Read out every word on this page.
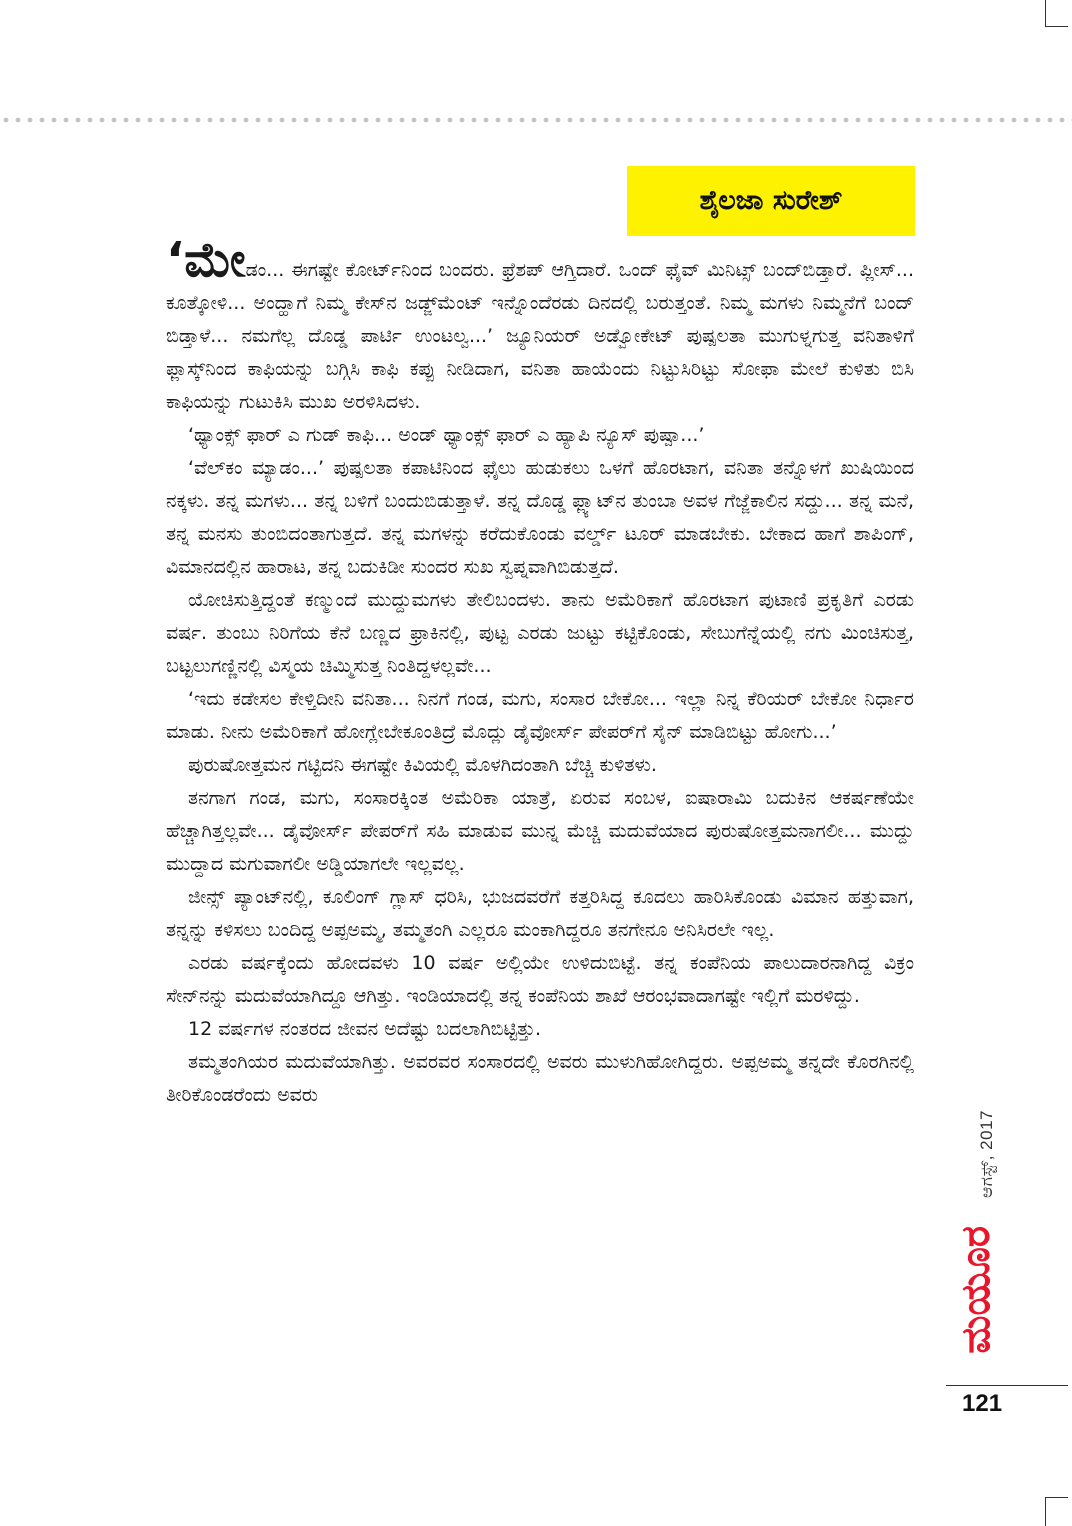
ಶೈಲಜಾ ಸುರೇಶ್

‘ಮೇಡಂ... ಈಗಷ್ಟೇ ಕೋರ್ಟ್‌ನಿಂದ ಬಂದರು. ಫ್ರೆಶಪ್ ಆಗ್ತಿದಾರೆ. ಒಂದ್ ಫೈವ್ ಮಿನಿಟ್ಸ್ ಬಂದ್‌ಬಿಡ್ತಾರೆ. ಪ್ಲೀಸ್... ಕೂತ್ಕೋಳಿ... ಅಂದ್ಹಾಗೆ ನಿಮ್ಮ ಕೇಸ್‌ನ ಜಡ್ಜ್‌ಮೆಂಟ್ ಇನ್ನೊಂದೆರಡು ದಿನದಲ್ಲಿ ಬರುತ್ತಂತೆ. ನಿಮ್ಮ ಮಗಳು ನಿಮ್ಮನೆಗೆ ಬಂದ್ ಬಿಡ್ತಾಳೆ... ನಮಗೆಲ್ಲ ದೊಡ್ಡ ಪಾರ್ಟಿ ಉಂಟಲ್ವ...’ ಜ್ಯೂನಿಯರ್ ಅಡ್ವೋಕೇಟ್ ಪುಷ್ಪಲತಾ ಮುಗುಳ್ನಗುತ್ತ ವನಿತಾಳಿಗೆ ಫ್ಲಾಸ್ಕ್‌ನಿಂದ ಕಾಫಿಯನ್ನು ಬಗ್ಗಿಸಿ ಕಾಫಿ ಕಪ್ಪು ನೀಡಿದಾಗ, ವನಿತಾ ಹಾಯೆಂದು ನಿಟ್ಟುಸಿರಿಟ್ಟು ಸೋಫಾ ಮೇಲೆ ಕುಳಿತು ಬಿಸಿ ಕಾಫಿಯನ್ನು ಗುಟುಕಿಸಿ ಮುಖ ಅರಳಿಸಿದಳು.

‘ಥ್ಯಾಂಕ್ಸ್ ಫಾರ್ ಎ ಗುಡ್ ಕಾಫಿ... ಅಂಡ್ ಥ್ಯಾಂಕ್ಸ್ ಫಾರ್ ಎ ಹ್ಯಾಪಿ ನ್ಯೂಸ್ ಪುಷ್ಪಾ...’

‘ವೆಲ್‌ಕಂ ಮ್ಯಾಡಂ...’ ಪುಷ್ಪಲತಾ ಕಪಾಟಿನಿಂದ ಫೈಲು ಹುಡುಕಲು ಒಳಗೆ ಹೊರಟಾಗ, ವನಿತಾ ತನ್ನೊಳಗೆ ಖುಷಿಯಿಂದ ನಕ್ಕಳು. ತನ್ನ ಮಗಳು... ತನ್ನ ಬಳಿಗೆ ಬಂದುಬಿಡುತ್ತಾಳೆ. ತನ್ನ ದೊಡ್ಡ ಫ್ಲ್ಯಾಟ್‌ನ ತುಂಬಾ ಅವಳ ಗೆಜ್ಜೆಕಾಲಿನ ಸದ್ದು... ತನ್ನ ಮನೆ, ತನ್ನ ಮನಸು ತುಂಬಿದಂತಾಗುತ್ತದೆ. ತನ್ನ ಮಗಳನ್ನು ಕರೆದುಕೊಂಡು ವರ್ಲ್ಡ್ ಟೂರ್ ಮಾಡಬೇಕು. ಬೇಕಾದ ಹಾಗೆ ಶಾಪಿಂಗ್, ವಿಮಾನದಲ್ಲಿನ ಹಾರಾಟ, ತನ್ನ ಬದುಕಿಡೀ ಸುಂದರ ಸುಖ ಸ್ವಪ್ನವಾಗಿಬಿಡುತ್ತದೆ.

ಯೋಚಿಸುತ್ತಿದ್ದಂತೆ ಕಣ್ಮುಂದೆ ಮುದ್ದುಮಗಳು ತೇಲಿಬಂದಳು. ತಾನು ಅಮೆರಿಕಾಗೆ ಹೊರಟಾಗ ಪುಟಾಣಿ ಪ್ರಕೃತಿಗೆ ಎರಡು ವರ್ಷ. ತುಂಬು ನಿರಿಗೆಯ ಕೆನೆ ಬಣ್ಣದ ಫ್ರಾಕಿನಲ್ಲಿ, ಪುಟ್ಟ ಎರಡು ಜುಟ್ಟು ಕಟ್ಟಿಕೊಂಡು, ಸೇಬುಗೆನ್ನೆಯಲ್ಲಿ ನಗು ಮಿಂಚಿಸುತ್ತ, ಬಟ್ಟಲುಗಣ್ಣಿನಲ್ಲಿ ವಿಸ್ಮಯ ಚಿಮ್ಮಿಸುತ್ತ ನಿಂತಿದ್ದಳಲ್ಲವೇ...

‘ಇದು ಕಡೇಸಲ ಕೇಳ್ತಿದೀನಿ ವನಿತಾ... ನಿನಗೆ ಗಂಡ, ಮಗು, ಸಂಸಾರ ಬೇಕೋ... ಇಲ್ಲಾ ನಿನ್ನ ಕೆರಿಯರ್ ಬೇಕೋ ನಿರ್ಧಾರ ಮಾಡು. ನೀನು ಅಮೆರಿಕಾಗೆ ಹೋಗ್ಲೇಬೇಕೂಂತಿದ್ರೆ ಮೊದ್ಲು ಡೈವೋರ್ಸ್ ಪೇಪರ್‌ಗೆ ಸೈನ್ ಮಾಡಿಬಿಟ್ಟು ಹೋಗು...’

ಪುರುಷೋತ್ತಮನ ಗಟ್ಟಿದನಿ ಈಗಷ್ಟೇ ಕಿವಿಯಲ್ಲಿ ಮೊಳಗಿದಂತಾಗಿ ಬೆಚ್ಚಿ ಕುಳಿತಳು.

ತನಗಾಗ ಗಂಡ, ಮಗು, ಸಂಸಾರಕ್ಕಿಂತ ಅಮೆರಿಕಾ ಯಾತ್ರೆ, ಏರುವ ಸಂಬಳ, ಐಷಾರಾಮಿ ಬದುಕಿನ ಆಕರ್ಷಣೆಯೇ ಹೆಚ್ಚಾಗಿತ್ತಲ್ಲವೇ... ಡೈವೋರ್ಸ್ ಪೇಪರ್‌ಗೆ ಸಹಿ ಮಾಡುವ ಮುನ್ನ ಮೆಚ್ಚಿ ಮದುವೆಯಾದ ಪುರುಷೋತ್ತಮನಾಗಲೀ... ಮುದ್ದು ಮುದ್ದಾದ ಮಗುವಾಗಲೀ ಅಡ್ಡಿಯಾಗಲೇ ಇಲ್ಲವಲ್ಲ.

ಜೀನ್ಸ್ ಪ್ಯಾಂಟ್‌ನಲ್ಲಿ, ಕೂಲಿಂಗ್ ಗ್ಲಾಸ್ ಧರಿಸಿ, ಭುಜದವರೆಗೆ ಕತ್ತರಿಸಿದ್ದ ಕೂದಲು ಹಾರಿಸಿಕೊಂಡು ವಿಮಾನ ಹತ್ತುವಾಗ, ತನ್ನನ್ನು ಕಳಿಸಲು ಬಂದಿದ್ದ ಅಪ್ಪಅಮ್ಮ, ತಮ್ಮತಂಗಿ ಎಲ್ಲರೂ ಮಂಕಾಗಿದ್ದರೂ ತನಗೇನೂ ಅನಿಸಿರಲೇ ಇಲ್ಲ.

ಎರಡು ವರ್ಷಕ್ಕೆಂದು ಹೋದವಳು 10 ವರ್ಷ ಅಲ್ಲಿಯೇ ಉಳಿದುಬಿಟ್ಟೆ. ತನ್ನ ಕಂಪೆನಿಯ ಪಾಲುದಾರನಾಗಿದ್ದ ವಿಕ್ರಂ ಸೇನ್‌ನನ್ನು ಮದುವೆಯಾಗಿದ್ದೂ ಆಗಿತ್ತು. ಇಂಡಿಯಾದಲ್ಲಿ ತನ್ನ ಕಂಪೆನಿಯ ಶಾಖೆ ಆರಂಭವಾದಾಗಷ್ಟೇ ಇಲ್ಲಿಗೆ ಮರಳಿದ್ದು.

12 ವರ್ಷಗಳ ನಂತರದ ಜೀವನ ಅದೆಷ್ಟು ಬದಲಾಗಿಬಿಟ್ಟಿತ್ತು.

ತಮ್ಮತಂಗಿಯರ ಮದುವೆಯಾಗಿತ್ತು. ಅವರವರ ಸಂಸಾರದಲ್ಲಿ ಅವರು ಮುಳುಗಿಹೋಗಿದ್ದರು. ಅಪ್ಪಅಮ್ಮ ತನ್ನದೇ ಕೊರಗಿನಲ್ಲಿ ತೀರಿಕೊಂಡರೆಂದು ಅವರು

ಆಗಸ್ಟ್, 2017
ಮಯೂರ
121
